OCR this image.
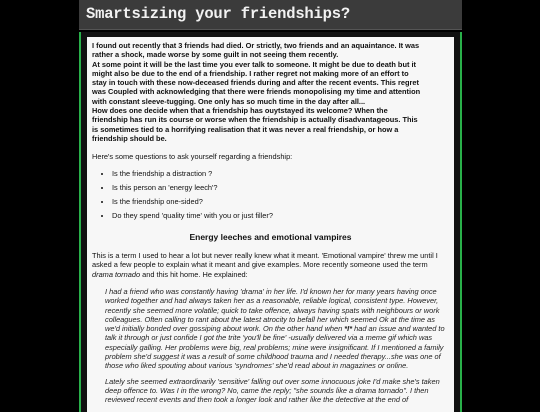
Smartsizing your friendships?

I found out recently that 3 friends had died. Or strictly, two friends and an aquaintance. It was
rather a shock, made worse by some guilt in not seeing them recently.
At some point it will be the last time you ever talk to someone. It might be due to death but it
might also be due to the end of a friendship. I rather regret not making more of an effort to
stay in touch with these now-deceased friends during and after the recent events. This regret
was Coupled with acknowledging that there were friends monopolising my time and attention
with constant sleeve-tugging. One only has so much time in the day after all...
How does one decide when that a friendship has ouytstayed its welcome? When the
friendship has run its course or worse when the friendship is actually disadvantageous. This
is sometimes tied to a horrifying realisation that it was never a real friendship, or how a
friendship should be.

Here's some questions to ask yourself regarding a friendship:

• Is the friendship a distraction ?
• Is this person an 'energy leech'?
• Is the friendship one-sided?
• Do they spend 'quality time' with you or just filler?
Energy leeches and emotional vampires

This is a term I used to hear a lot but never really knew what it meant. 'Emotional vampire' threw me until I asked a few people to explain what it meant and give examples. More recently someone used the term drama tornado and this hit home. He explained:

I had a friend who was constantly having 'drama' in her life. I'd known her for many years having once worked together and had always taken her as a reasonable, reliable logical, consistent type. However, recently she seemed more volatile; quick to take offence, always having spats with neighbours or work colleagues. Often calling to rant about the latest atrocity to befall her which seemed Ok at the time as we'd initially bonded over gossiping about work. On the other hand when *I* had an issue and wanted to talk it through or just confide I got the trite 'you'll be fine' -usually delivered via a meme gif which was especially galling. Her problems were big, real problems; mine were insignificant. If I mentioned a family problem she'd suggest it was a result of some childhood trauma and I needed therapy...she was one of those who liked spouting about various 'syndromes' she'd read about in magazines or online.

Lately she seemed extraordinarily 'sensitive' falling out over some innocuous joke I'd make she's taken deep offence to. Was I in the wrong? No, came the reply; "she sounds like a drama tornado". I then reviewed recent events and then took a longer look and rather like the detective at the end of
